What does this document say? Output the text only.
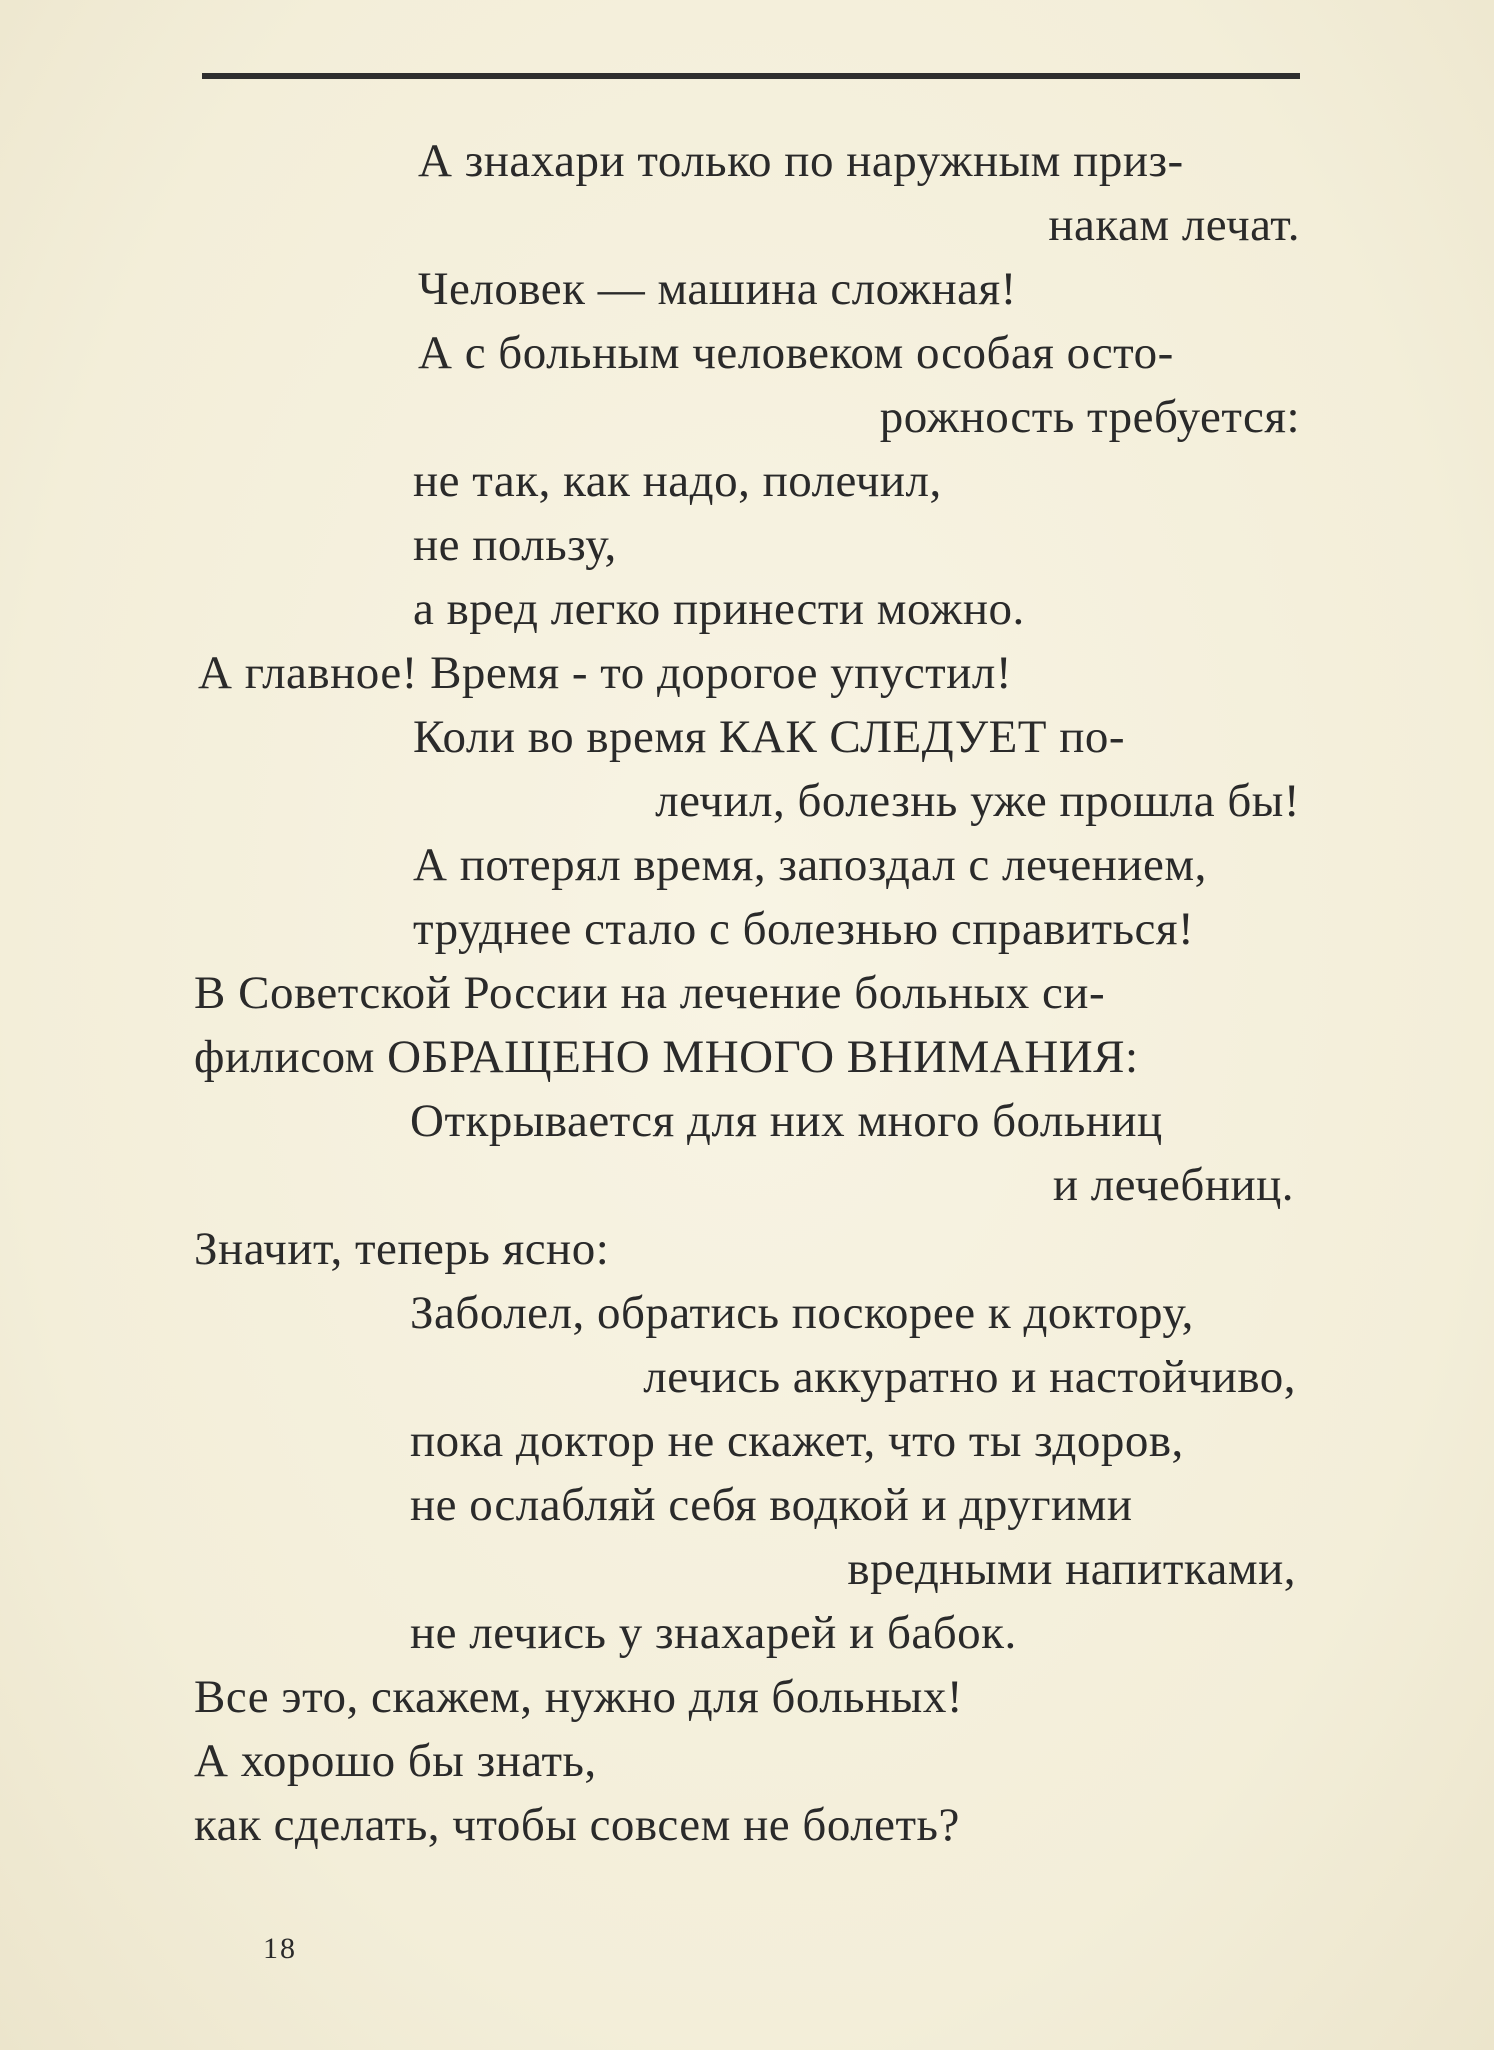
А знахари только по наружным приз-
накам лечат.
Человек — машина сложная!
А с больным человеком особая осто-
рожность требуется:
не так, как надо, полечил,
не пользу,
а вред легко принести можно.
А главное! Время - то дорогое упустил!
Коли во время КАК СЛЕДУЕТ по-
лечил, болезнь уже прошла бы!
А потерял время, запоздал с лечением,
труднее стало с болезнью справиться!
В Советской России на лечение больных си-
филисом ОБРАЩЕНО МНОГО ВНИМАНИЯ:
Открывается для них много больниц
и лечебниц.
Значит, теперь ясно:
Заболел, обратись поскорее к доктору,
лечись аккуратно и настойчиво,
пока доктор не скажет, что ты здоров,
не ослабляй себя водкой и другими
вредными напитками,
не лечись у знахарей и бабок.
Все это, скажем, нужно для больных!
А хорошо бы знать,
как сделать, чтобы совсем не болеть?
18
